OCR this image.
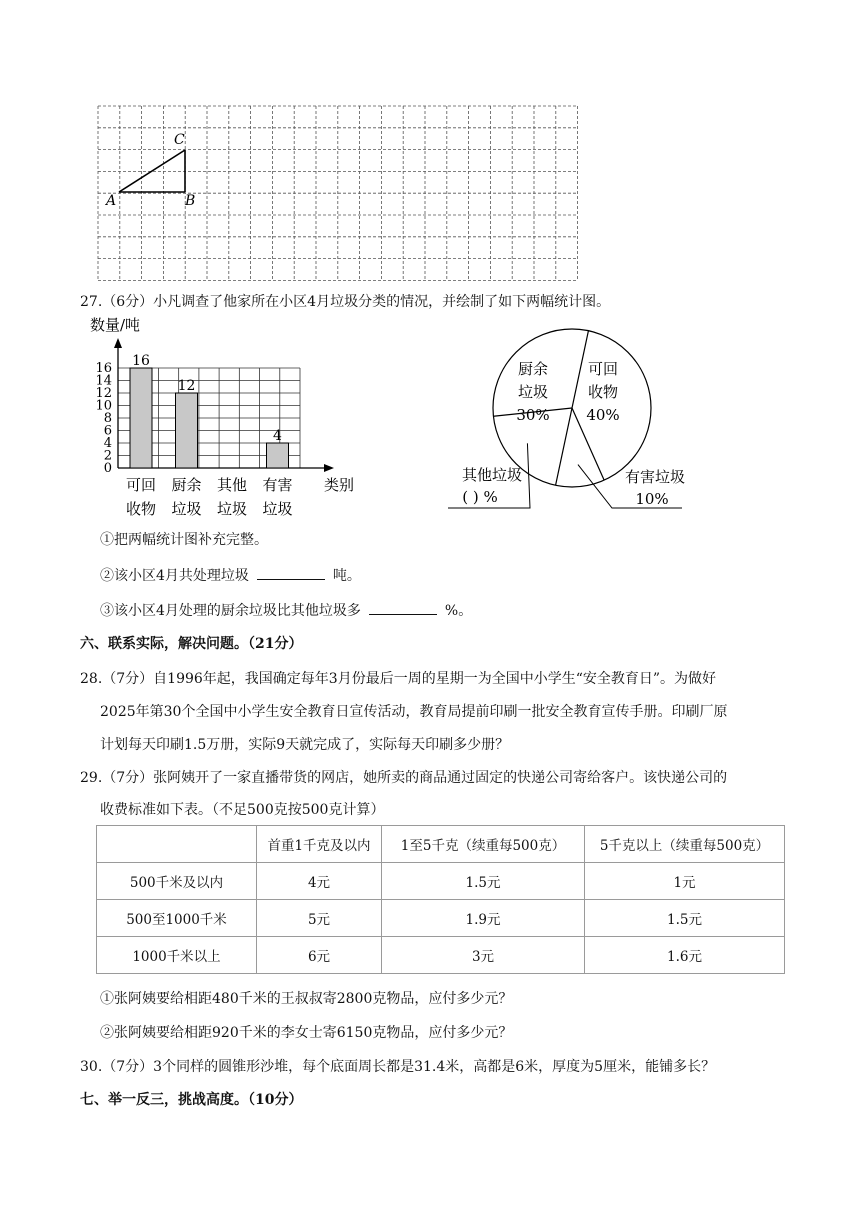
A	B
C
27.（6分）小凡调查了他家所在小区4月垃圾分类的情况，并绘制了如下两幅统计图。
数量/吨
0
2
4
6
8
10
12
14
16
类别
16
可回
收物
12
厨余
垃圾
其他
垃圾
4
有害
垃圾
可回
收物
40%
厨余
垃圾
30%
其他垃圾
( ) %
有害垃圾
10%
①把两幅统计图补充完整。
②该小区4月共处理垃圾	吨。
③该小区4月处理的厨余垃圾比其他垃圾多	%。
六、联系实际，解决问题。（21分）
28.（7分）自1996年起，我国确定每年3月份最后一周的星期一为全国中小学生“安全教育日”。为做好
2025年第30个全国中小学生安全教育日宣传活动，教育局提前印刷一批安全教育宣传手册。印刷厂原
计划每天印刷1.5万册，实际9天就完成了，实际每天印刷多少册？
29.（7分）张阿姨开了一家直播带货的网店，她所卖的商品通过固定的快递公司寄给客户。该快递公司的
收费标准如下表。（不足500克按500克计算）
	首重1千克及以内	1至5千克（续重每500克）	5千克以上（续重每500克）
500千米及以内	4元	1.5元	1元
500至1000千米	5元	1.9元	1.5元
1000千米以上	6元	3元	1.6元
①张阿姨要给相距480千米的王叔叔寄2800克物品，应付多少元？
②张阿姨要给相距920千米的李女士寄6150克物品，应付多少元？
30.（7分）3个同样的圆锥形沙堆，每个底面周长都是31.4米，高都是6米，厚度为5厘米，能铺多长？
七、举一反三，挑战高度。（10分）
